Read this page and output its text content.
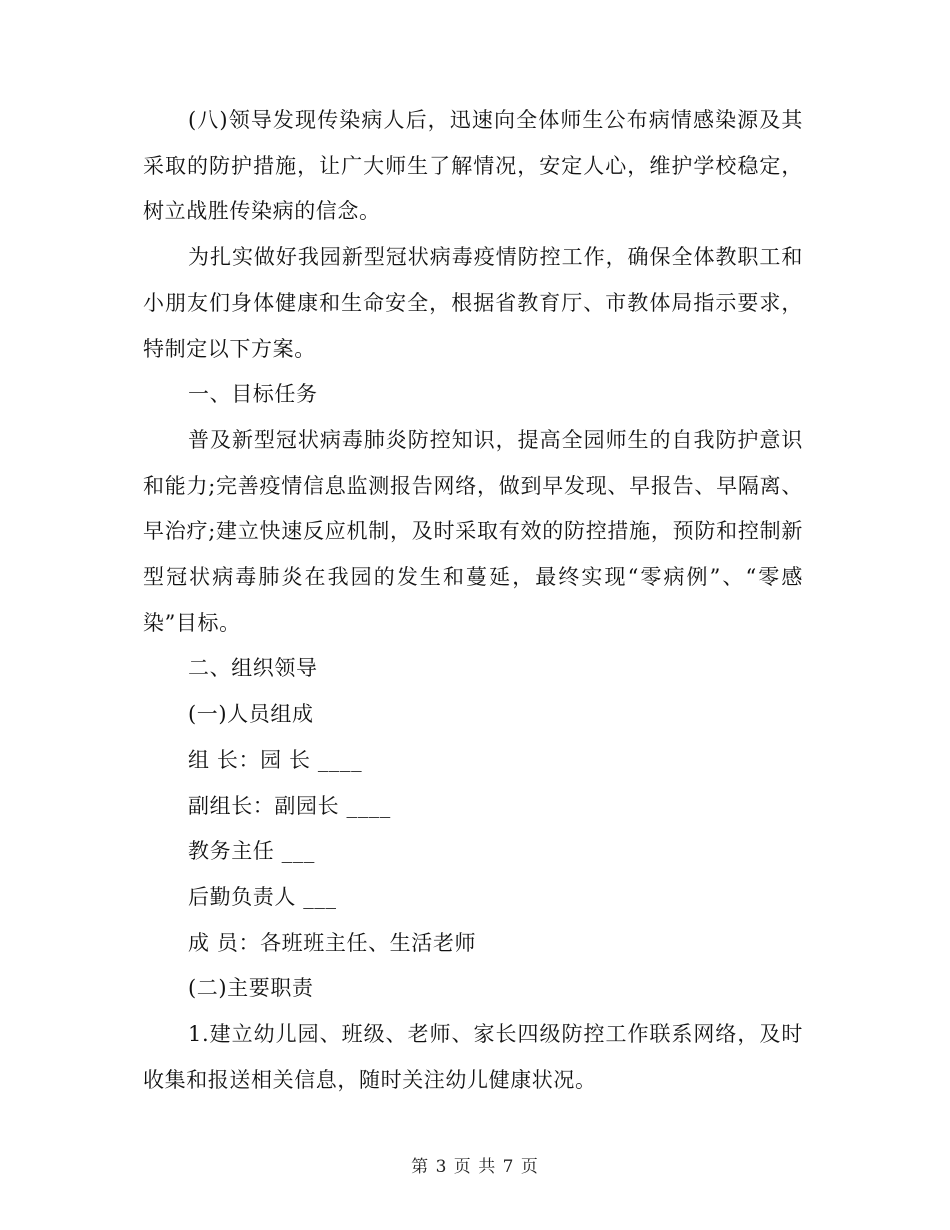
(八)领导发现传染病人后，迅速向全体师生公布病情感染源及其采取的防护措施，让广大师生了解情况，安定人心，维护学校稳定，树立战胜传染病的信念。

为扎实做好我园新型冠状病毒疫情防控工作，确保全体教职工和小朋友们身体健康和生命安全，根据省教育厅、市教体局指示要求，特制定以下方案。

一、目标任务

普及新型冠状病毒肺炎防控知识，提高全园师生的自我防护意识和能力;完善疫情信息监测报告网络，做到早发现、早报告、早隔离、早治疗;建立快速反应机制，及时采取有效的防控措施，预防和控制新型冠状病毒肺炎在我园的发生和蔓延，最终实现“零病例”、“零感染”目标。

二、组织领导

(一)人员组成

组 长：园 长 ____

副组长：副园长 ____

教务主任 ___

后勤负责人 ___

成 员：各班班主任、生活老师

(二)主要职责

1.建立幼儿园、班级、老师、家长四级防控工作联系网络，及时收集和报送相关信息，随时关注幼儿健康状况。

第 3 页 共 7 页
